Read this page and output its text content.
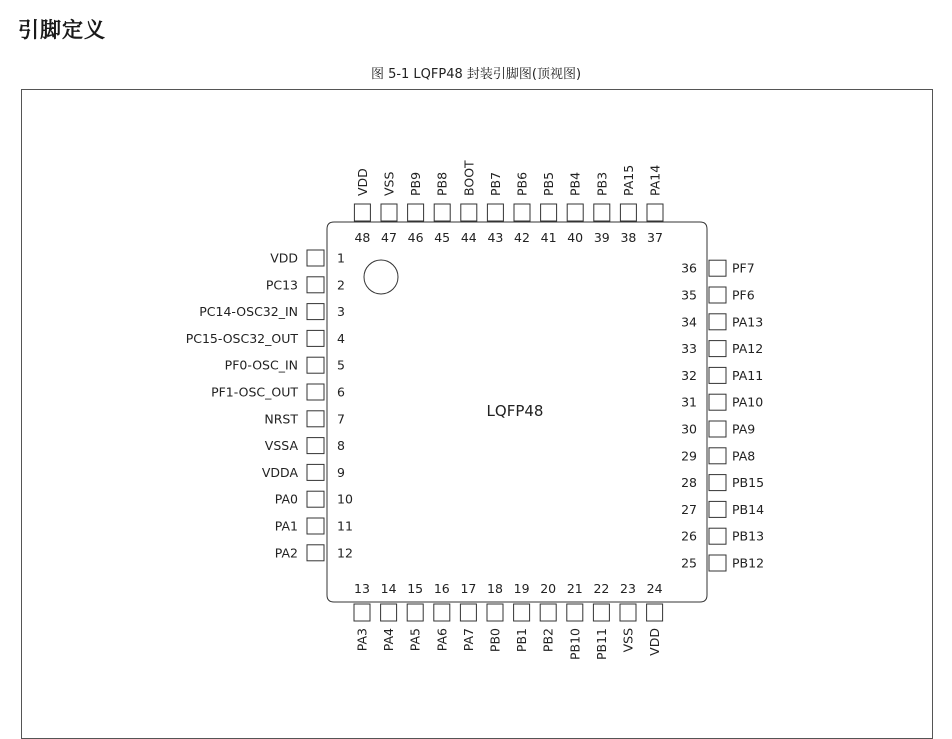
引脚定义
图 5-1 LQFP48 封装引脚图(顶视图)
LQFP48
1
VDD
2
PC13
3
PC14-OSC32_IN
4
PC15-OSC32_OUT
5
PF0-OSC_IN
6
PF1-OSC_OUT
7
NRST
8
VSSA
9
VDDA
10
PA0
11
PA1
12
PA2
25	PB12
26	PB13
27	PB14
28	PB15
29	PA8
30	PA9
31	PA10
32	PA11
33	PA12
34	PA13
35	PF6
36	PF7
13
PA3
14
PA4
15
PA5
16
PA6
17
PA7
18
PB0
19
PB1
20
PB2
21
PB10
22
PB11
23
VSS
24
VDD
37
PA14
38
PA15
39
PB3
40
PB4
41
PB5
42
PB6
43
PB7
44
BOOT
45
PB8
46
PB9
47
VSS
48
VDD
